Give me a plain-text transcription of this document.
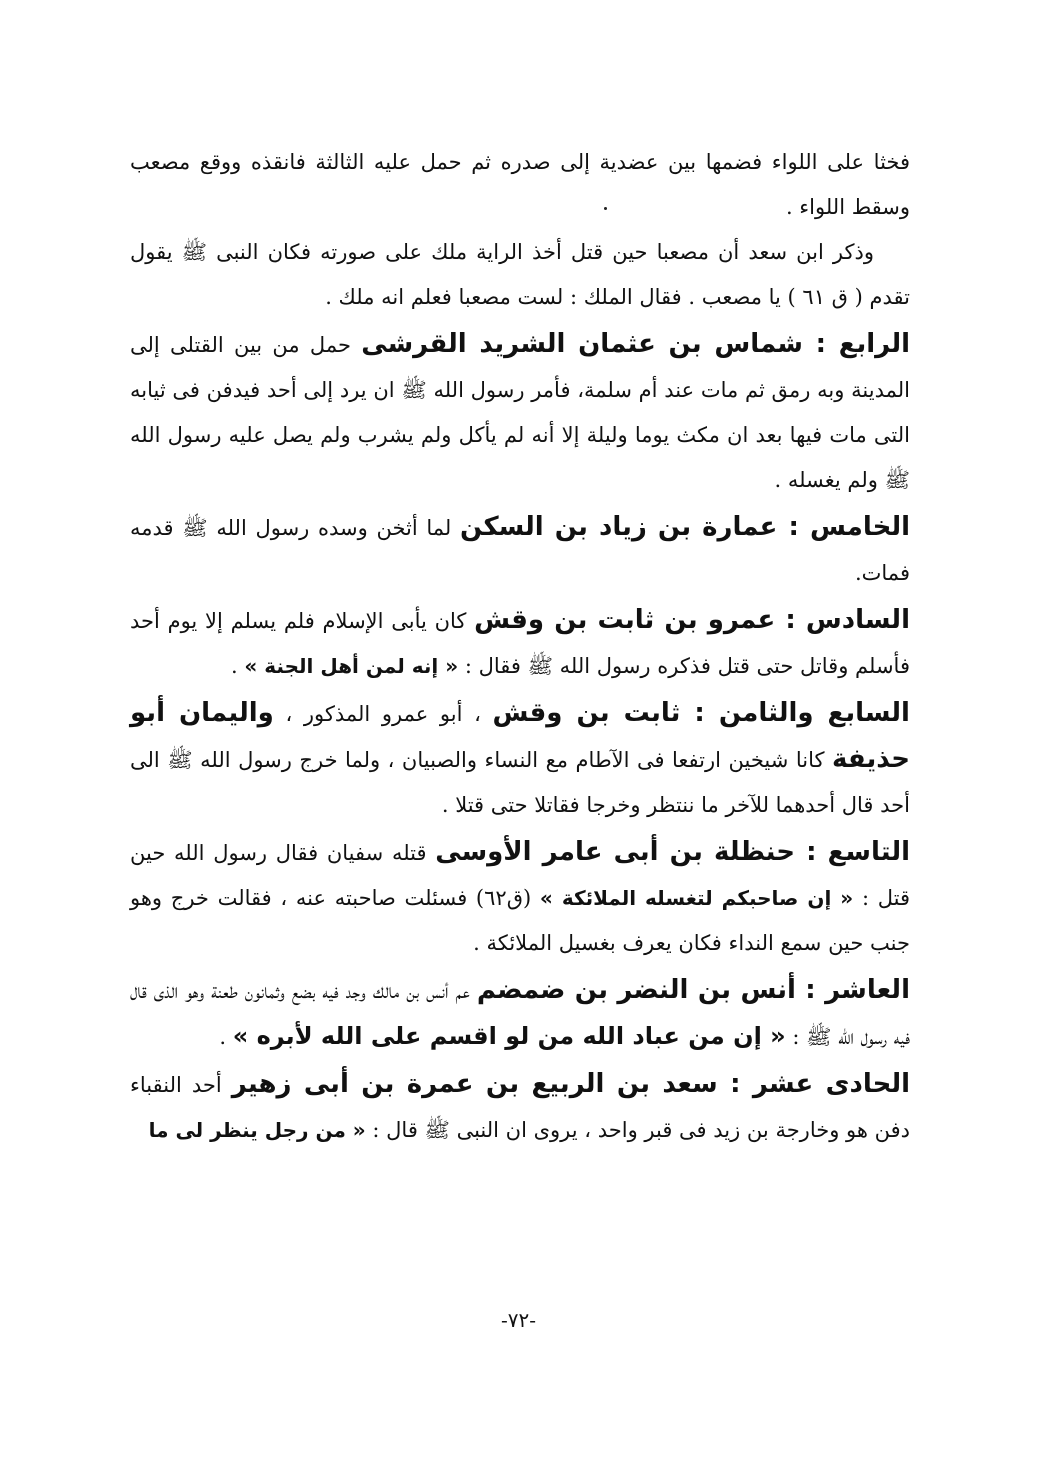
فخثا على اللواء فضمها بين عضدية إلى صدره ثم حمل عليه الثالثة فانقذه ووقع مصعب وسقط اللواء .

وذكر ابن سعد أن مصعبا حين قتل أخذ الراية ملك على صورته فكان النبى ﷺ يقول تقدم ( ق ٦١ ) يا مصعب . فقال الملك : لست مصعبا فعلم انه ملك .

الرابع : شماس بن عثمان الشريد القرشى حمل من بين القتلى إلى المدينة وبه رمق ثم مات عند أم سلمة، فأمر رسول الله ﷺ ان يرد إلى أحد فيدفن فى ثيابه التى مات فيها بعد ان مكث يوما وليلة إلا أنه لم يأكل ولم يشرب ولم يصل عليه رسول الله ﷺ ولم يغسله .

الخامس : عمارة بن زياد بن السكن لما أثخن وسده رسول الله ﷺ قدمه فمات.

السادس : عمرو بن ثابت بن وقش كان يأبى الإسلام فلم يسلم إلا يوم أحد فأسلم وقاتل حتى قتل فذكره رسول الله ﷺ فقال : « إنه لمن أهل الجنة » .

السابع والثامن : ثابت بن وقش ، أبو عمرو المذكور ، واليمان أبو حذيفة كانا شيخين ارتفعا فى الآطام مع النساء والصبيان ، ولما خرج رسول الله ﷺ الى أحد قال أحدهما للآخر ما ننتظر وخرجا فقاتلا حتى قتلا .

التاسع : حنظلة بن أبى عامر الأوسى قتله سفيان فقال رسول الله حين قتل : « إن صاحبكم لتغسله الملائكة » (ق٦٢) فسئلت صاحبته عنه ، فقالت خرج وهو جنب حين سمع النداء فكان يعرف بغسيل الملائكة .

العاشر : أنس بن النضر بن ضمضم عم أنس بن مالك وجد فيه بضع وثمانون طعنة وهو الذى قال فيه رسول الله ﷺ : « إن من عباد الله من لو اقسم على الله لأبره » .

الحادى عشر : سعد بن الربيع بن عمرة بن أبى زهير أحد النقباء دفن هو وخارجة بن زيد فى قبر واحد ، يروى ان النبى ﷺ قال : « من رجل ينظر لى ما

-٧٢-
